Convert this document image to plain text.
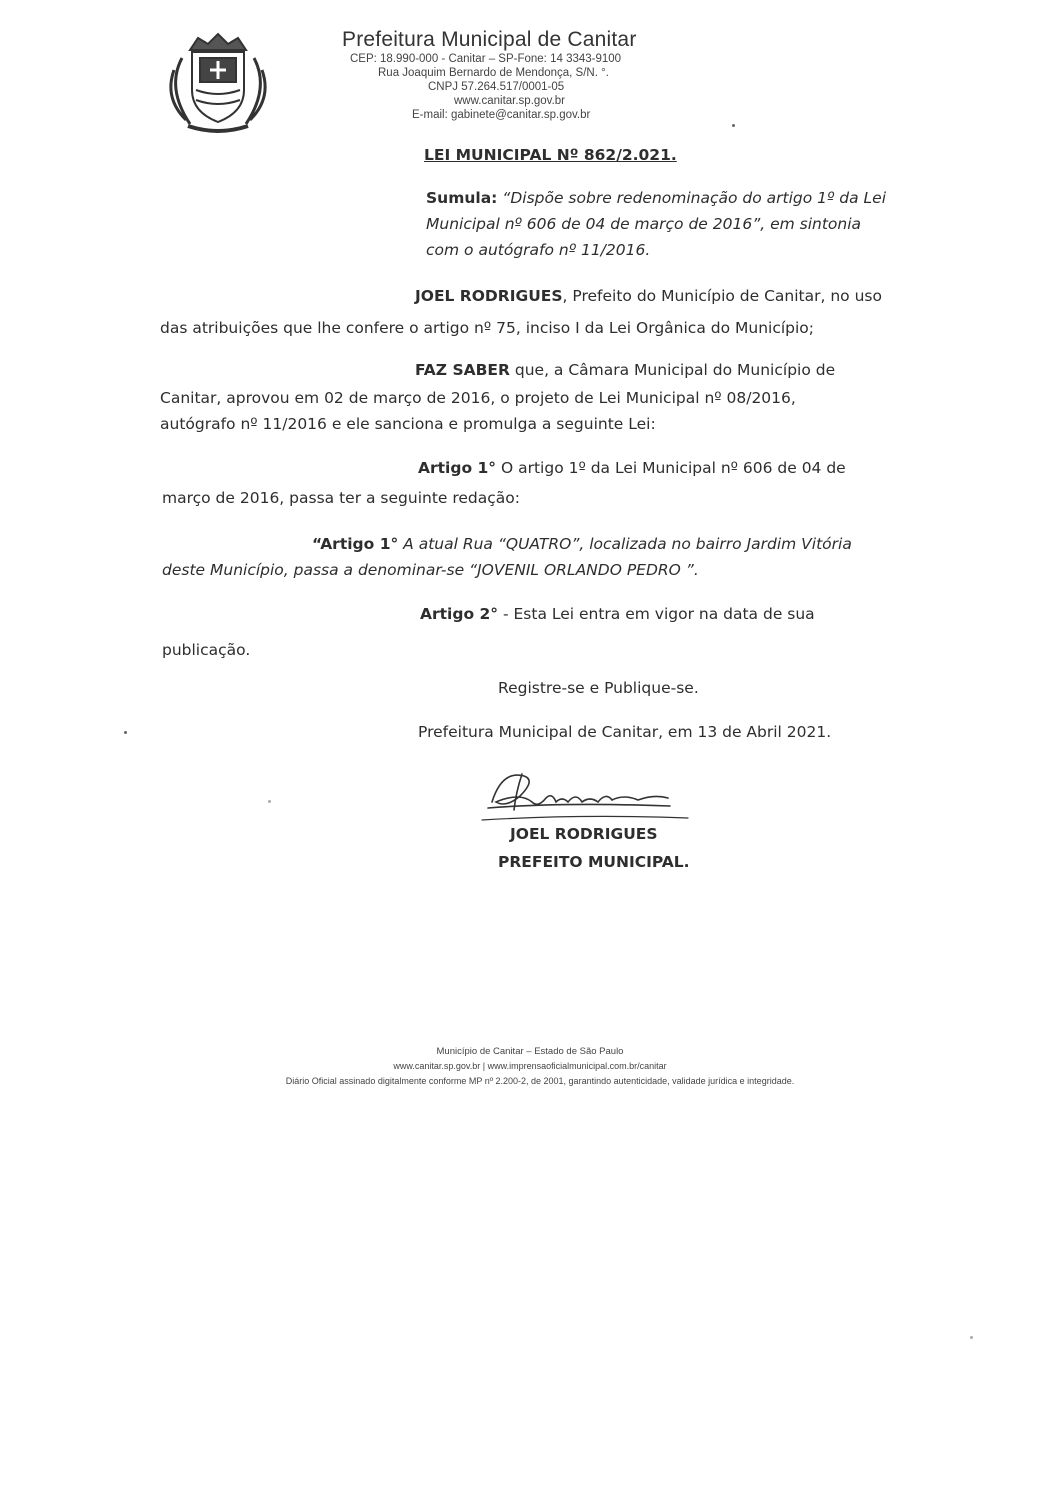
Prefeitura Municipal de Canitar
CEP: 18.990-000 - Canitar – SP-Fone: 14 3343-9100
Rua Joaquim Bernardo de Mendonça, S/N. °.
CNPJ 57.264.517/0001-05
www.canitar.sp.gov.br
E-mail: gabinete@canitar.sp.gov.br
LEI MUNICIPAL Nº 862/2.021.
Sumula: “Dispõe sobre redenominação do artigo 1º da Lei
Municipal nº 606 de 04 de março de 2016”, em sintonia
com o autógrafo nº 11/2016.
JOEL RODRIGUES, Prefeito do Município de Canitar, no uso
das atribuições que lhe confere o artigo nº 75, inciso I da Lei Orgânica do Município;
FAZ SABER que, a Câmara Municipal do Município de
Canitar, aprovou em 02 de março de 2016, o projeto de Lei Municipal nº 08/2016,
autógrafo nº 11/2016 e ele sanciona e promulga a seguinte Lei:
Artigo 1° O artigo 1º da Lei Municipal nº 606 de 04 de
março de 2016, passa ter a seguinte redação:
“Artigo 1° A atual Rua “QUATRO”, localizada no bairro Jardim Vitória
deste Município, passa a denominar-se “JOVENIL ORLANDO PEDRO ”.
Artigo 2° - Esta Lei entra em vigor na data de sua
publicação.
Registre-se e Publique-se.
Prefeitura Municipal de Canitar, em 13 de Abril 2021.
JOEL RODRIGUES
PREFEITO MUNICIPAL.
Município de Canitar – Estado de São Paulo
www.canitar.sp.gov.br | www.imprensaoficialmunicipal.com.br/canitar
Diário Oficial assinado digitalmente conforme MP nº 2.200-2, de 2001, garantindo autenticidade, validade jurídica e integridade.
